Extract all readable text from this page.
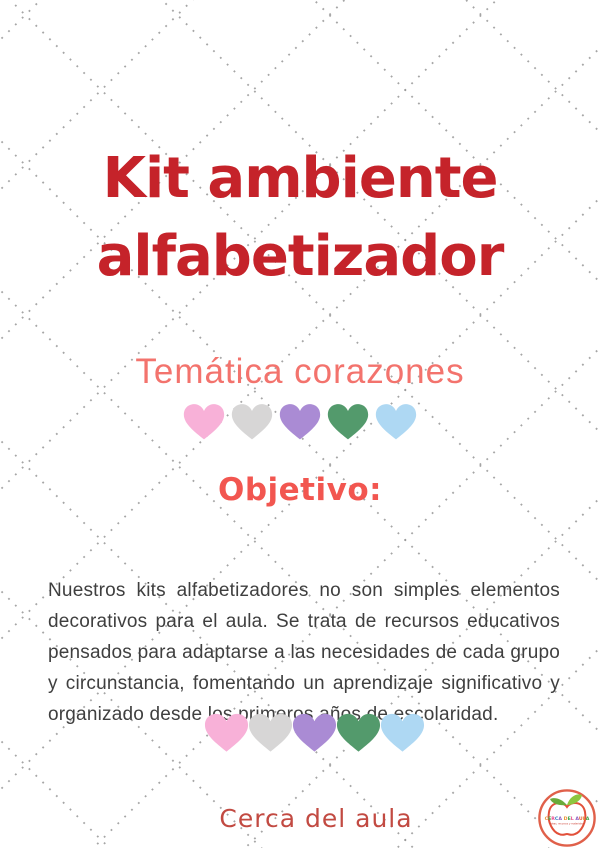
Kit ambiente
alfabetizador
Temática corazones
Objetivo:

Nuestros kits alfabetizadores no son simples elementos decorativos para el aula. Se trata de recursos educativos pensados para adaptarse a las necesidades de cada grupo y circunstancia, fomentando un aprendizaje significativo y organizado desde los primeros años de escolaridad.

Cerca del aula	CERCA DEL AULA
ideas, recursos y materiales
